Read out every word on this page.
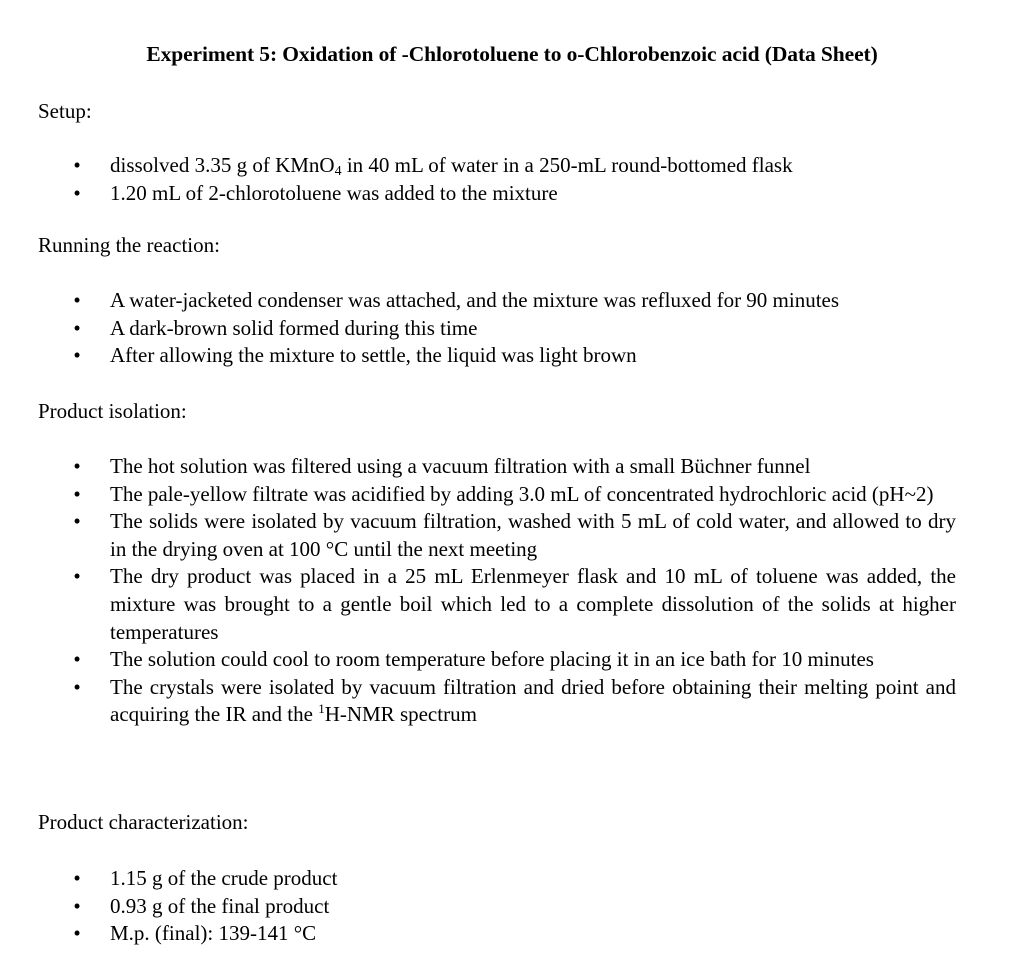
Experiment 5: Oxidation of -Chlorotoluene to o-Chlorobenzoic acid (Data Sheet)
Setup:
• dissolved 3.35 g of KMnO$_4$ in 40 mL of water in a 250-mL round-bottomed flask
• 1.20 mL of 2-chlorotoluene was added to the mixture
Running the reaction:
• A water-jacketed condenser was attached, and the mixture was refluxed for 90 minutes
• A dark-brown solid formed during this time
• After allowing the mixture to settle, the liquid was light brown
Product isolation:
• The hot solution was filtered using a vacuum filtration with a small Büchner funnel
• The pale-yellow filtrate was acidified by adding 3.0 mL of concentrated hydrochloric acid (pH~2)
• The solids were isolated by vacuum filtration, washed with 5 mL of cold water, and allowed to dry in the drying oven at 100 °C until the next meeting
• The dry product was placed in a 25 mL Erlenmeyer flask and 10 mL of toluene was added, the mixture was brought to a gentle boil which led to a complete dissolution of the solids at higher temperatures
• The solution could cool to room temperature before placing it in an ice bath for 10 minutes
• The crystals were isolated by vacuum filtration and dried before obtaining their melting point and acquiring the IR and the $^1$H-NMR spectrum
Product characterization:
• 1.15 g of the crude product
• 0.93 g of the final product
• M.p. (final): 139-141 °C
